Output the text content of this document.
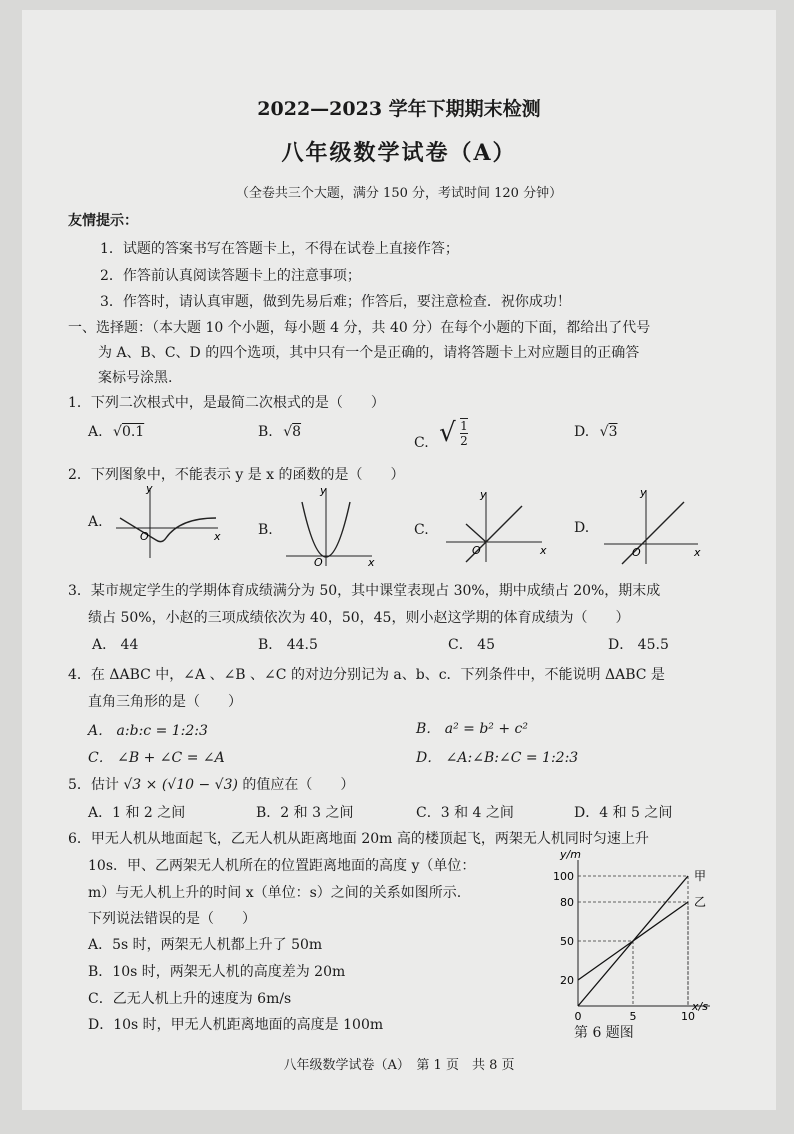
2022—2023 学年下期期末检测
八年级数学试卷（A）
（全卷共三个大题，满分 150 分，考试时间 120 分钟）
友情提示：
1．试题的答案书写在答题卡上，不得在试卷上直接作答；
2．作答前认真阅读答题卡上的注意事项；
3．作答时，请认真审题，做到先易后难；作答后，要注意检查．祝你成功！
一、选择题：（本大题 10 个小题，每小题 4 分，共 40 分）在每个小题的下面，都给出了代号
为 A、B、C、D 的四个选项，其中只有一个是正确的，请将答题卡上对应题目的正确答
案标号涂黑.
1．下列二次根式中，是最简二次根式的是（　　）
A. √0.1	B. √8
C. √ $\frac{1}{2}$	D. √3
2．下列图象中，不能表示 y 是 x 的函数的是（　　）
A.
y
x
O	B.
y
x
O
C.
y
x
O
D.
y
x
O
3．某市规定学生的学期体育成绩满分为 50，其中课堂表现占 30%，期中成绩占 20%，期末成
绩占 50%，小赵的三项成绩依次为 40，50，45，则小赵这学期的体育成绩为（　　）
A． 44	B． 44.5	C． 45	D． 45.5
4．在 ΔABC 中，∠A 、∠B 、∠C 的对边分别记为 a、b、c．下列条件中，不能说明 ΔABC 是
直角三角形的是（　　）
A． a:b:c = 1:2:3	B． a² = b² + c²
C． ∠B + ∠C = ∠A	D． ∠A:∠B:∠C = 1:2:3
5．估计 √3 × (√10 − √3) 的值应在（　　）
A．1 和 2 之间	B．2 和 3 之间	C．3 和 4 之间	D．4 和 5 之间
6．甲无人机从地面起飞，乙无人机从距离地面 20m 高的楼顶起飞，两架无人机同时匀速上升
10s．甲、乙两架无人机所在的位置距离地面的高度 y（单位：
m）与无人机上升的时间 x（单位：s）之间的关系如图所示.
下列说法错误的是（　　）
A．5s 时，两架无人机都上升了 50m
B．10s 时，两架无人机的高度差为 20m
C．乙无人机上升的速度为 6m/s
D．10s 时，甲无人机距离地面的高度是 100m
y/m
x/s
20
50
80
100
0	5	10
甲
乙
第 6 题图
八年级数学试卷（A）　第 1 页　共 8 页
